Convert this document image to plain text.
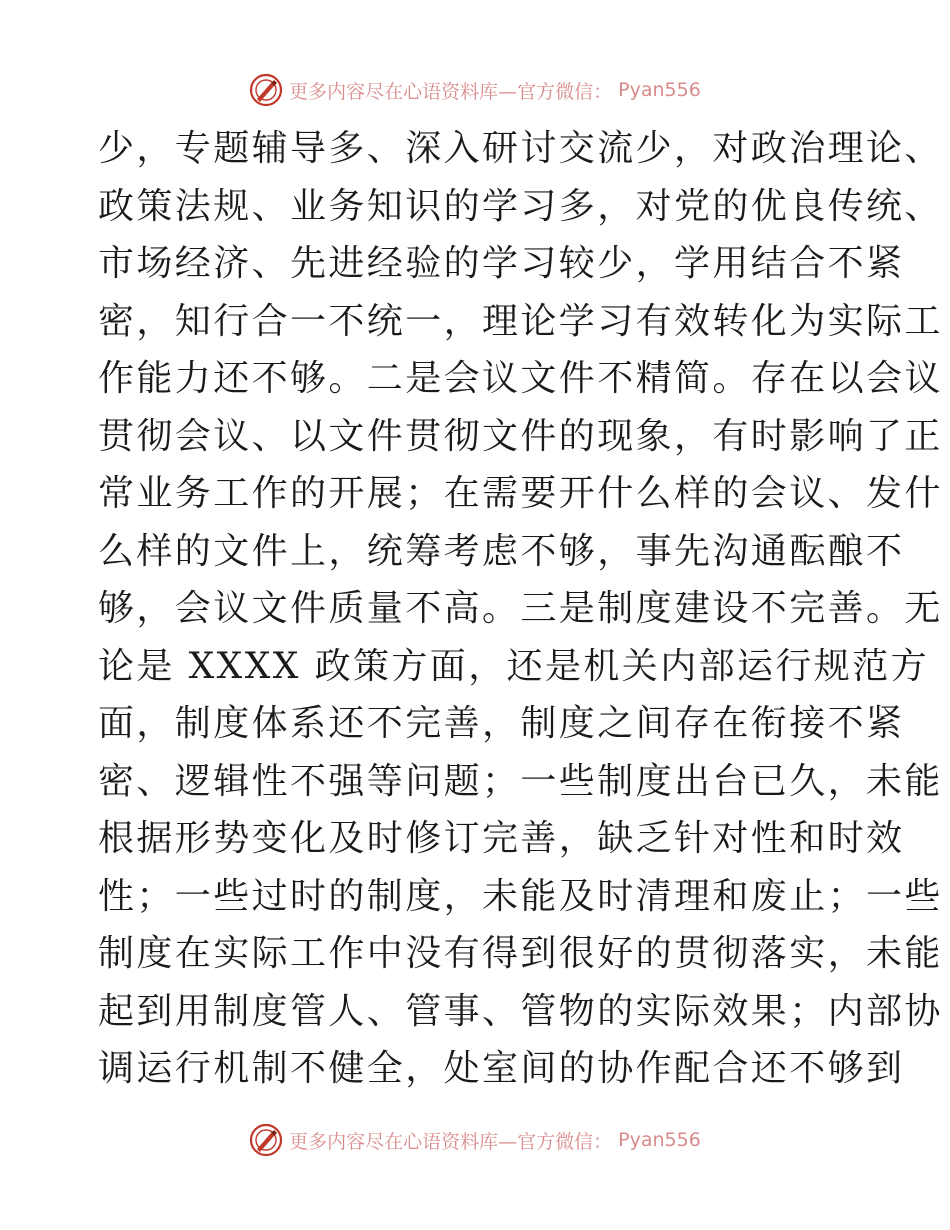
更多内容尽在心语资料库—官方微信： Pyan556
少，专题辅导多、深入研讨交流少，对政治理论、
政策法规、业务知识的学习多，对党的优良传统、
市场经济、先进经验的学习较少，学用结合不紧
密，知行合一不统一，理论学习有效转化为实际工
作能力还不够。二是会议文件不精简。存在以会议
贯彻会议、以文件贯彻文件的现象，有时影响了正
常业务工作的开展；在需要开什么样的会议、发什
么样的文件上，统筹考虑不够，事先沟通酝酿不
够，会议文件质量不高。三是制度建设不完善。无
论是 XXXX 政策方面，还是机关内部运行规范方
面，制度体系还不完善，制度之间存在衔接不紧
密、逻辑性不强等问题；一些制度出台已久，未能
根据形势变化及时修订完善，缺乏针对性和时效
性；一些过时的制度，未能及时清理和废止；一些
制度在实际工作中没有得到很好的贯彻落实，未能
起到用制度管人、管事、管物的实际效果；内部协
调运行机制不健全，处室间的协作配合还不够到
更多内容尽在心语资料库—官方微信： Pyan556
